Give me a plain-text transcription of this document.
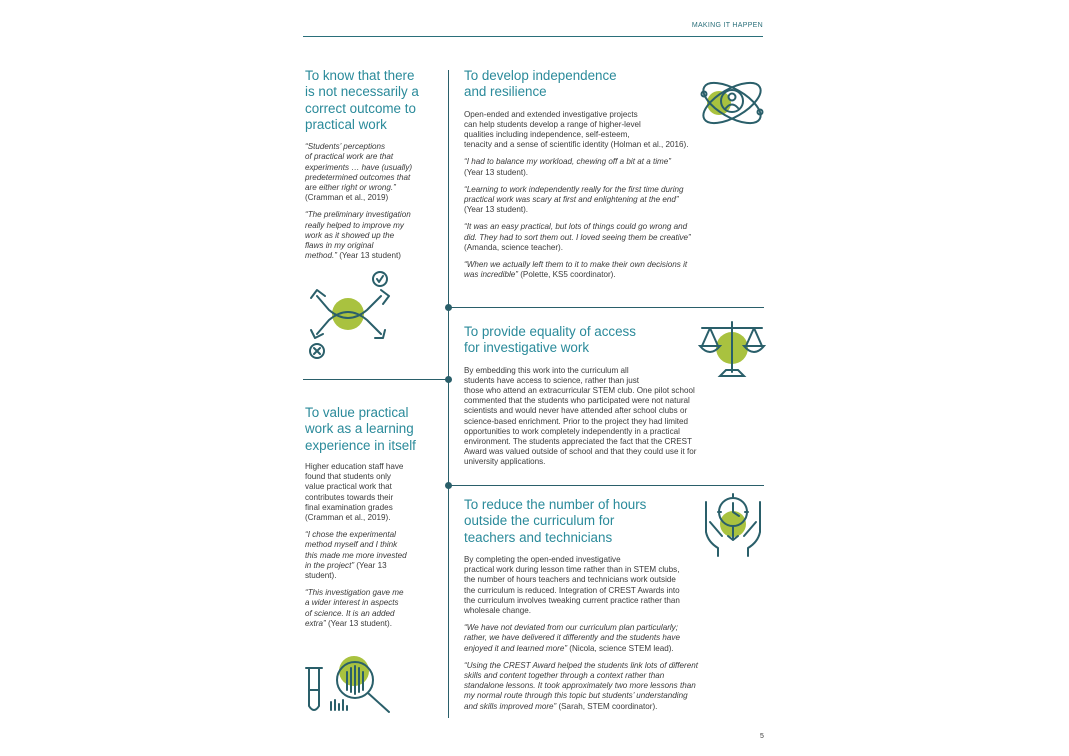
MAKING IT HAPPEN
To know that there
is not necessarily a
correct outcome to
practical work

“Students’ perceptions
of practical work are that
experiments … have (usually)
predetermined outcomes that
are either right or wrong.”
(Cramman et al., 2019)

“The preliminary investigation
really helped to improve my
work as it showed up the
flaws in my original
method.” (Year 13 student)

To value practical
work as a learning
experience in itself

Higher education staff have
found that students only
value practical work that
contributes towards their
final examination grades
(Cramman et al., 2019).

“I chose the experimental
method myself and I think
this made me more invested
in the project” (Year 13
student).

“This investigation gave me
a wider interest in aspects
of science. It is an added
extra” (Year 13 student).

To develop independence
and resilience

Open-ended and extended investigative projects
can help students develop a range of higher-level
qualities including independence, self-esteem,
tenacity and a sense of scientific identity (Holman et al., 2016).

“I had to balance my workload, chewing off a bit at a time”
(Year 13 student).

“Learning to work independently really for the first time during
practical work was scary at first and enlightening at the end”
(Year 13 student).

“It was an easy practical, but lots of things could go wrong and
did. They had to sort them out. I loved seeing them be creative”
(Amanda, science teacher).

“When we actually left them to it to make their own decisions it
was incredible” (Polette, KS5 coordinator).

To provide equality of access
for investigative work

By embedding this work into the curriculum all
students have access to science, rather than just
those who attend an extracurricular STEM club. One pilot school
commented that the students who participated were not natural
scientists and would never have attended after school clubs or
science-based enrichment. Prior to the project they had limited
opportunities to work completely independently in a practical
environment. The students appreciated the fact that the CREST
Award was valued outside of school and that they could use it for
university applications.

To reduce the number of hours
outside the curriculum for
teachers and technicians

By completing the open-ended investigative
practical work during lesson time rather than in STEM clubs,
the number of hours teachers and technicians work outside
the curriculum is reduced. Integration of CREST Awards into
the curriculum involves tweaking current practice rather than
wholesale change.

“We have not deviated from our curriculum plan particularly;
rather, we have delivered it differently and the students have
enjoyed it and learned more” (Nicola, science STEM lead).

“Using the CREST Award helped the students link lots of different
skills and content together through a context rather than
standalone lessons. It took approximately two more lessons than
my normal route through this topic but students’ understanding
and skills improved more” (Sarah, STEM coordinator).

5
